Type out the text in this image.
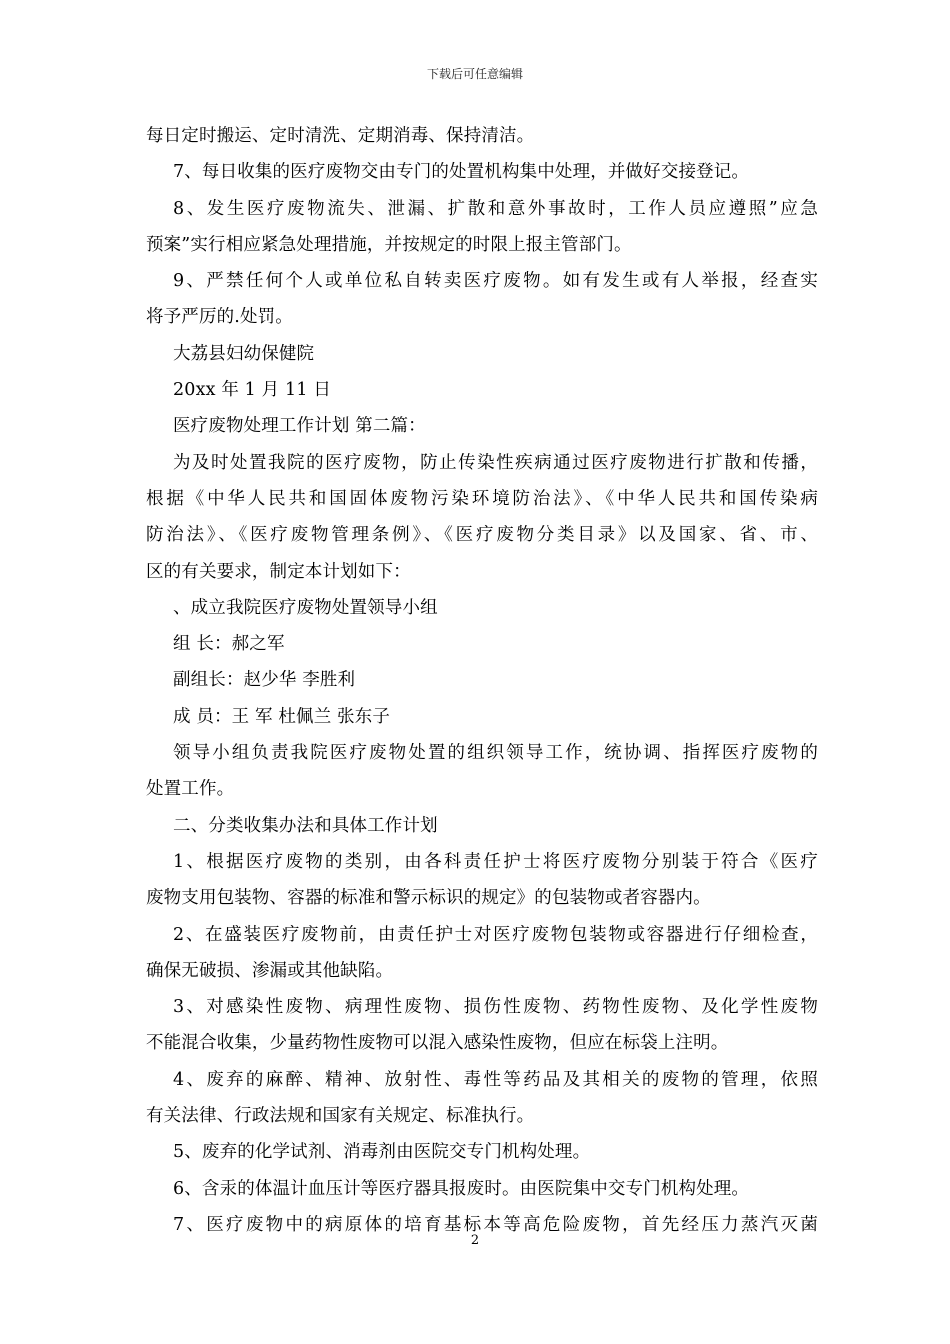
下载后可任意编辑
每日定时搬运、定时清洗、定期消毒、保持清洁。
7、每日收集的医疗废物交由专门的处置机构集中处理，并做好交接登记。
8、发生医疗废物流失、泄漏、扩散和意外事故时，工作人员应遵照”应急
预案”实行相应紧急处理措施，并按规定的时限上报主管部门。
9、严禁任何个人或单位私自转卖医疗废物。如有发生或有人举报，经查实
将予严厉的.处罚。
大荔县妇幼保健院
20xx 年 1 月 11 日
医疗废物处理工作计划 第二篇：
为及时处置我院的医疗废物，防止传染性疾病通过医疗废物进行扩散和传播，
根据《中华人民共和国固体废物污染环境防治法》、《中华人民共和国传染病
防治法》、《医疗废物管理条例》、《医疗废物分类目录》以及国家、省、市、
区的有关要求，制定本计划如下：
、成立我院医疗废物处置领导小组
组 长：郝之军
副组长：赵少华 李胜利
成 员：王 军 杜佩兰 张东子
领导小组负责我院医疗废物处置的组织领导工作，统协调、指挥医疗废物的
处置工作。
二、分类收集办法和具体工作计划
1、根据医疗废物的类别，由各科责任护士将医疗废物分别装于符合《医疗
废物支用包装物、容器的标准和警示标识的规定》的包装物或者容器内。
2、在盛装医疗废物前，由责任护士对医疗废物包装物或容器进行仔细检查，
确保无破损、渗漏或其他缺陷。
3、对感染性废物、病理性废物、损伤性废物、药物性废物、及化学性废物
不能混合收集，少量药物性废物可以混入感染性废物，但应在标袋上注明。
4、废弃的麻醉、精神、放射性、毒性等药品及其相关的废物的管理，依照
有关法律、行政法规和国家有关规定、标准执行。
5、废弃的化学试剂、消毒剂由医院交专门机构处理。
6、含汞的体温计血压计等医疗器具报废时。由医院集中交专门机构处理。
7、医疗废物中的病原体的培育基标本等高危险废物，首先经压力蒸汽灭菌
2
